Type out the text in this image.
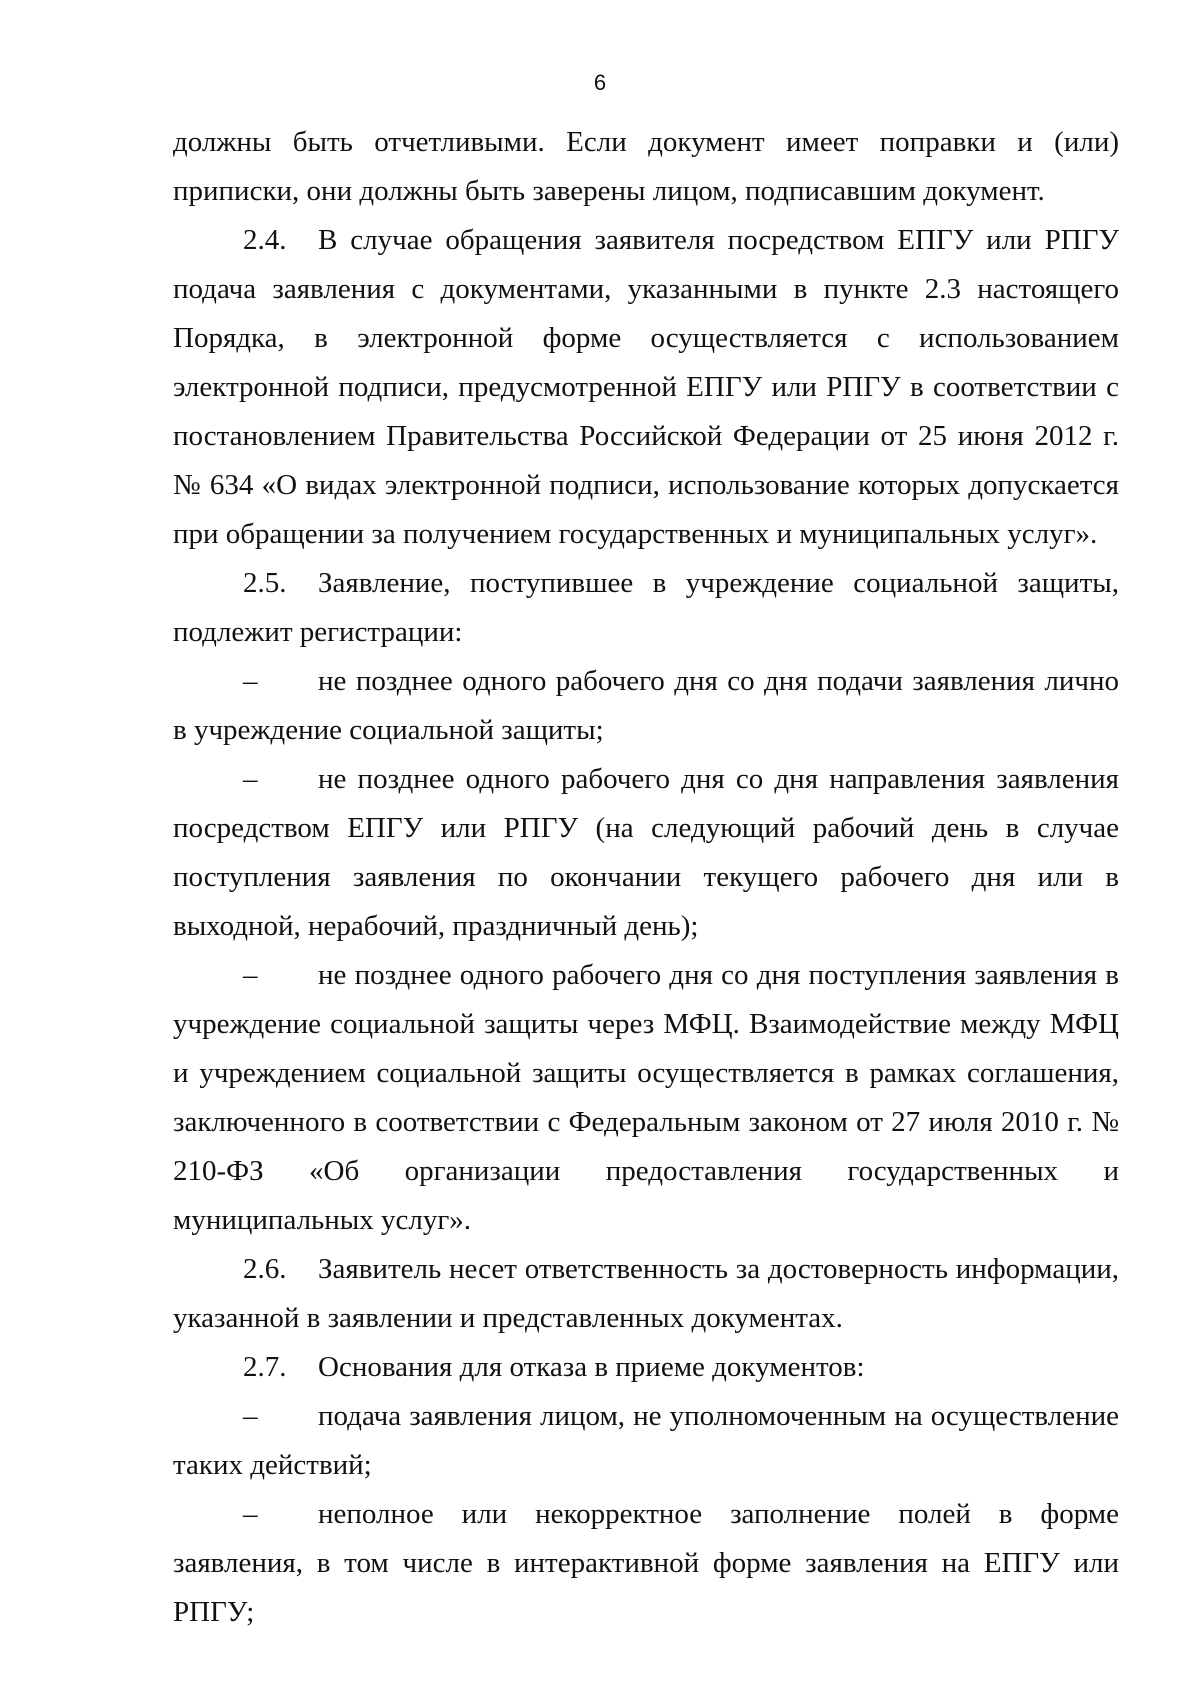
6

должны быть отчетливыми. Если документ имеет поправки и (или) приписки, они должны быть заверены лицом, подписавшим документ.

2.4. В случае обращения заявителя посредством ЕПГУ или РПГУ подача заявления с документами, указанными в пункте 2.3 настоящего Порядка, в электронной форме осуществляется с использованием электронной подписи, предусмотренной ЕПГУ или РПГУ в соответствии с постановлением Правительства Российской Федерации от 25 июня 2012 г. № 634 «О видах электронной подписи, использование которых допускается при обращении за получением государственных и муниципальных услуг».

2.5. Заявление, поступившее в учреждение социальной защиты, подлежит регистрации:

– не позднее одного рабочего дня со дня подачи заявления лично в учреждение социальной защиты;

– не позднее одного рабочего дня со дня направления заявления посредством ЕПГУ или РПГУ (на следующий рабочий день в случае поступления заявления по окончании текущего рабочего дня или в выходной, нерабочий, праздничный день);

– не позднее одного рабочего дня со дня поступления заявления в учреждение социальной защиты через МФЦ. Взаимодействие между МФЦ и учреждением социальной защиты осуществляется в рамках соглашения, заключенного в соответствии с Федеральным законом от 27 июля 2010 г. № 210-ФЗ «Об организации предоставления государственных и муниципальных услуг».

2.6. Заявитель несет ответственность за достоверность информации, указанной в заявлении и представленных документах.

2.7. Основания для отказа в приеме документов:

– подача заявления лицом, не уполномоченным на осуществление таких действий;

– неполное или некорректное заполнение полей в форме заявления, в том числе в интерактивной форме заявления на ЕПГУ или РПГУ;
